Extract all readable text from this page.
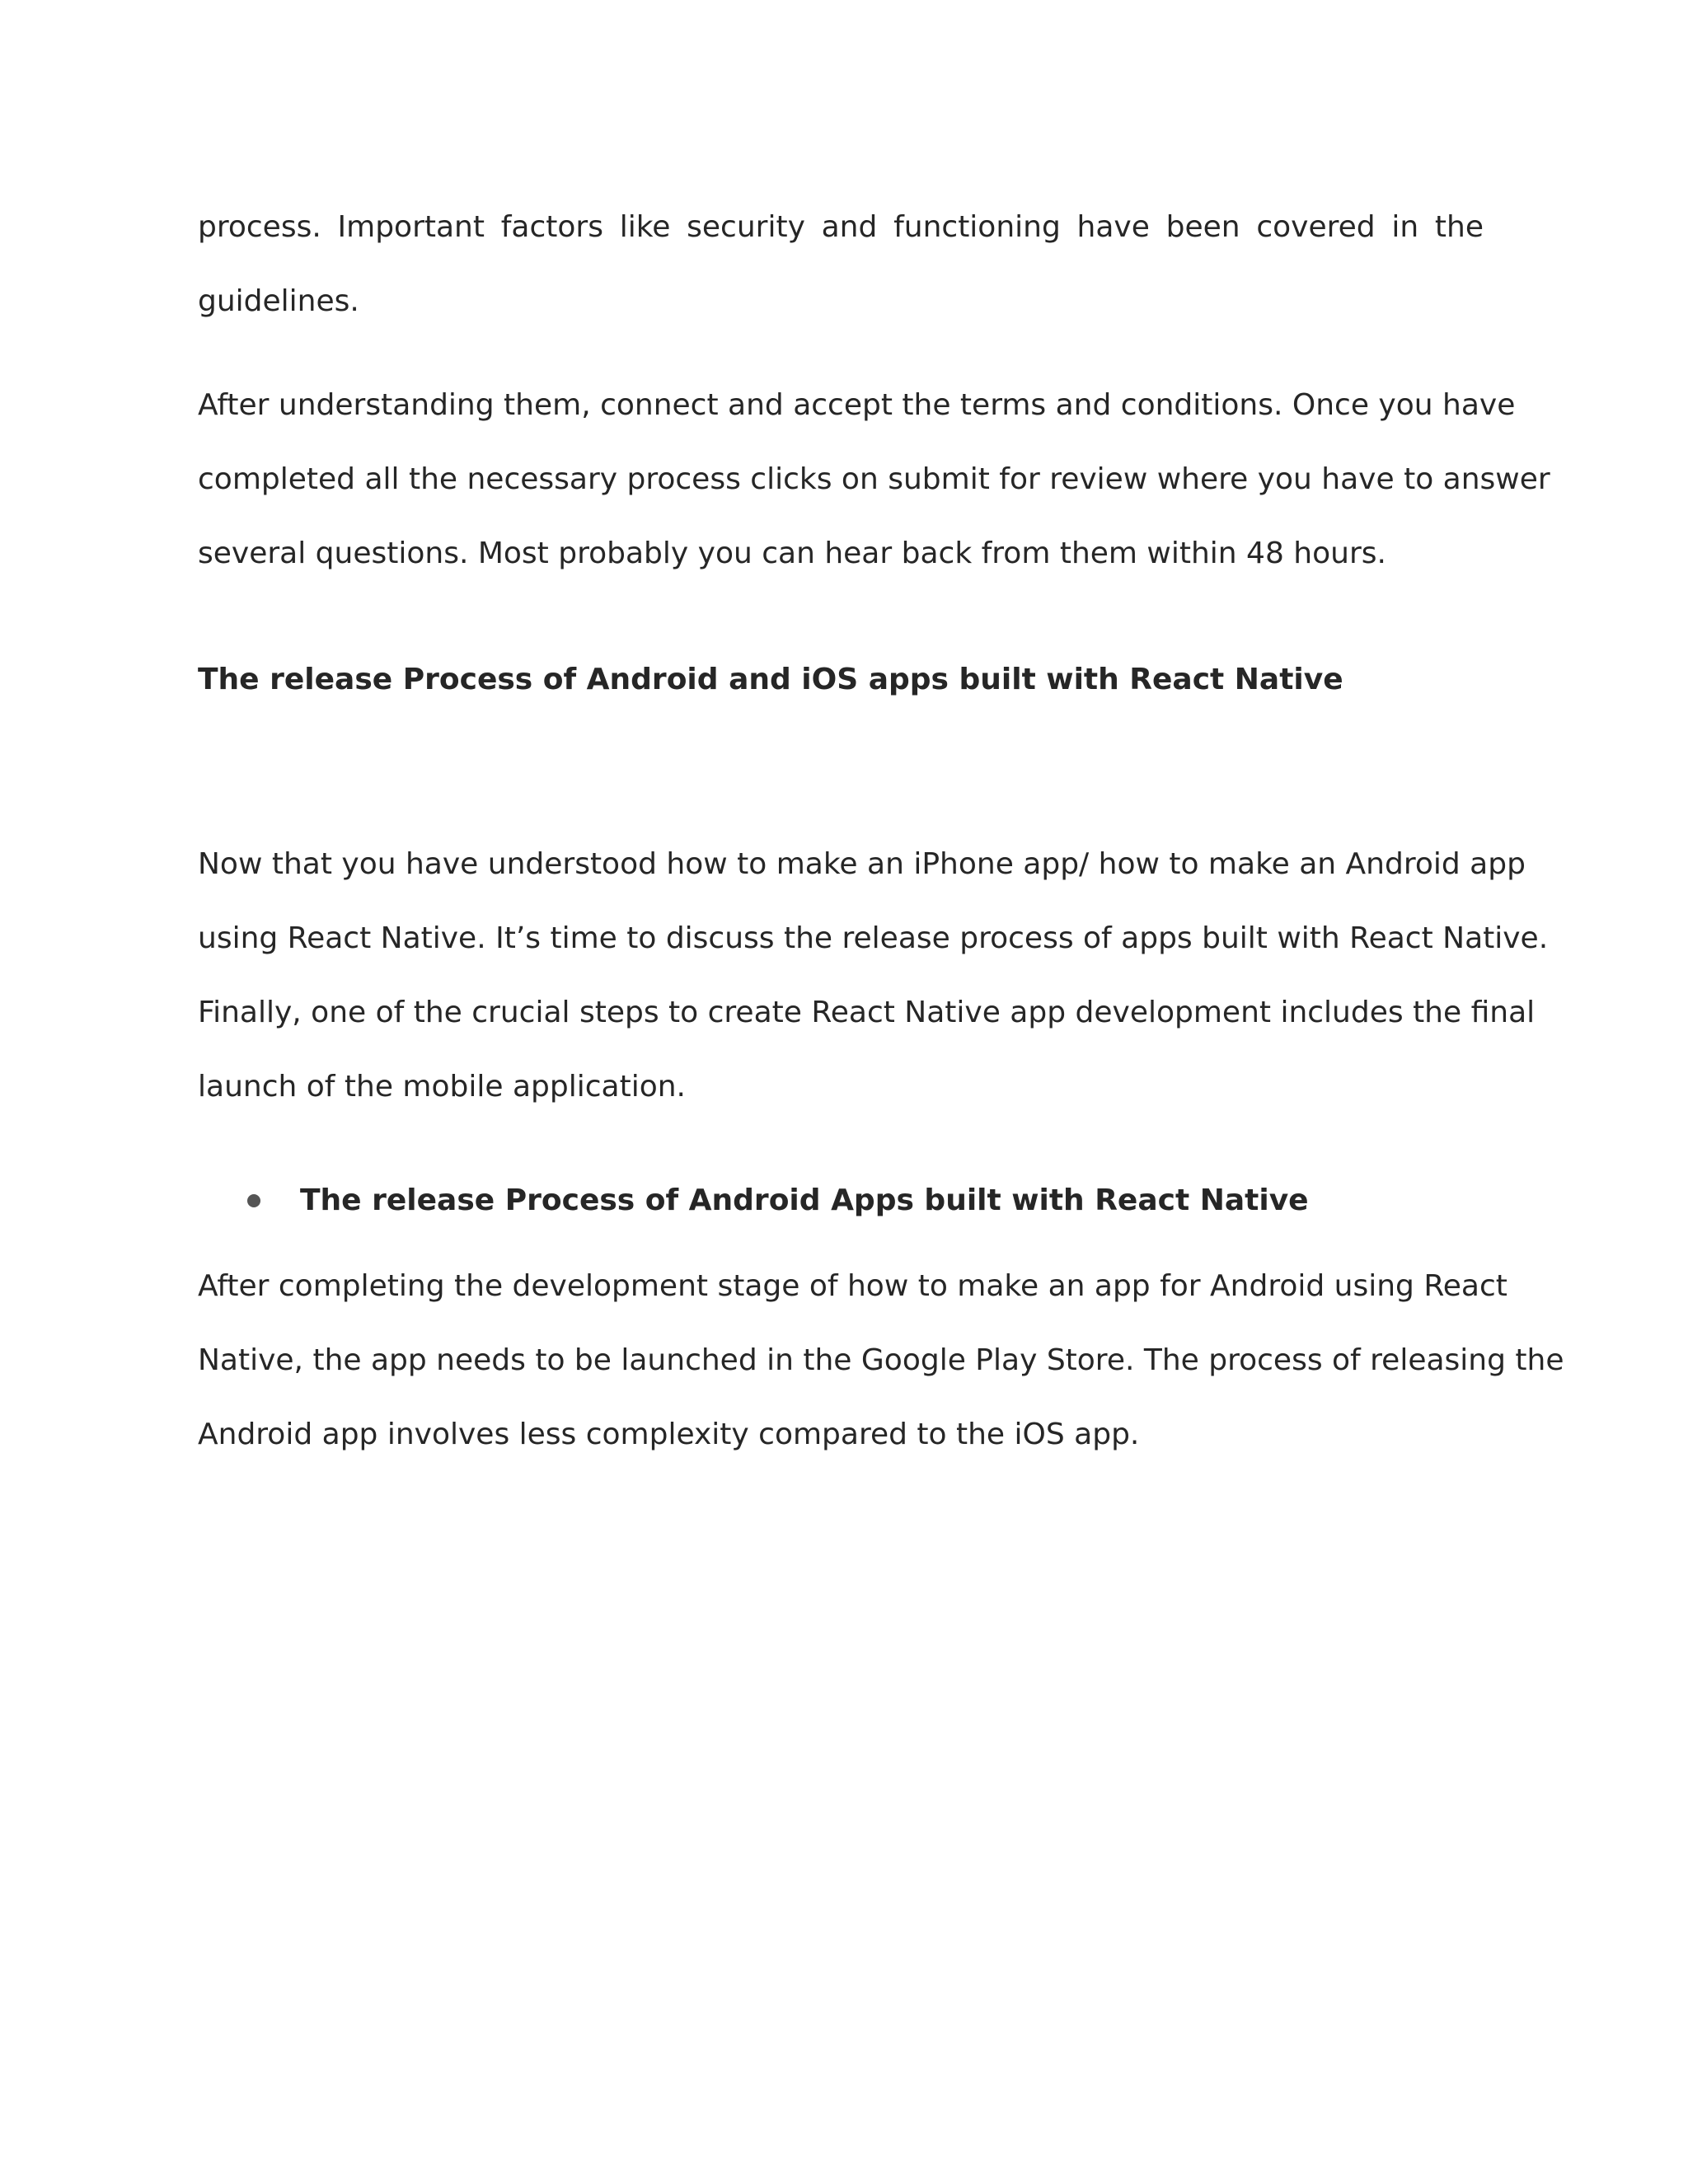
process. Important factors like security and functioning have been covered in the
guidelines.

After understanding them, connect and accept the terms and conditions. Once you have
completed all the necessary process clicks on submit for review where you have to answer
several questions. Most probably you can hear back from them within 48 hours.

The release Process of Android and iOS apps built with React Native

Now that you have understood how to make an iPhone app/ how to make an Android app
using React Native. It’s time to discuss the release process of apps built with React Native.
Finally, one of the crucial steps to create React Native app development includes the final
launch of the mobile application.

The release Process of Android Apps built with React Native

After completing the development stage of how to make an app for Android using React
Native, the app needs to be launched in the Google Play Store. The process of releasing the
Android app involves less complexity compared to the iOS app.
